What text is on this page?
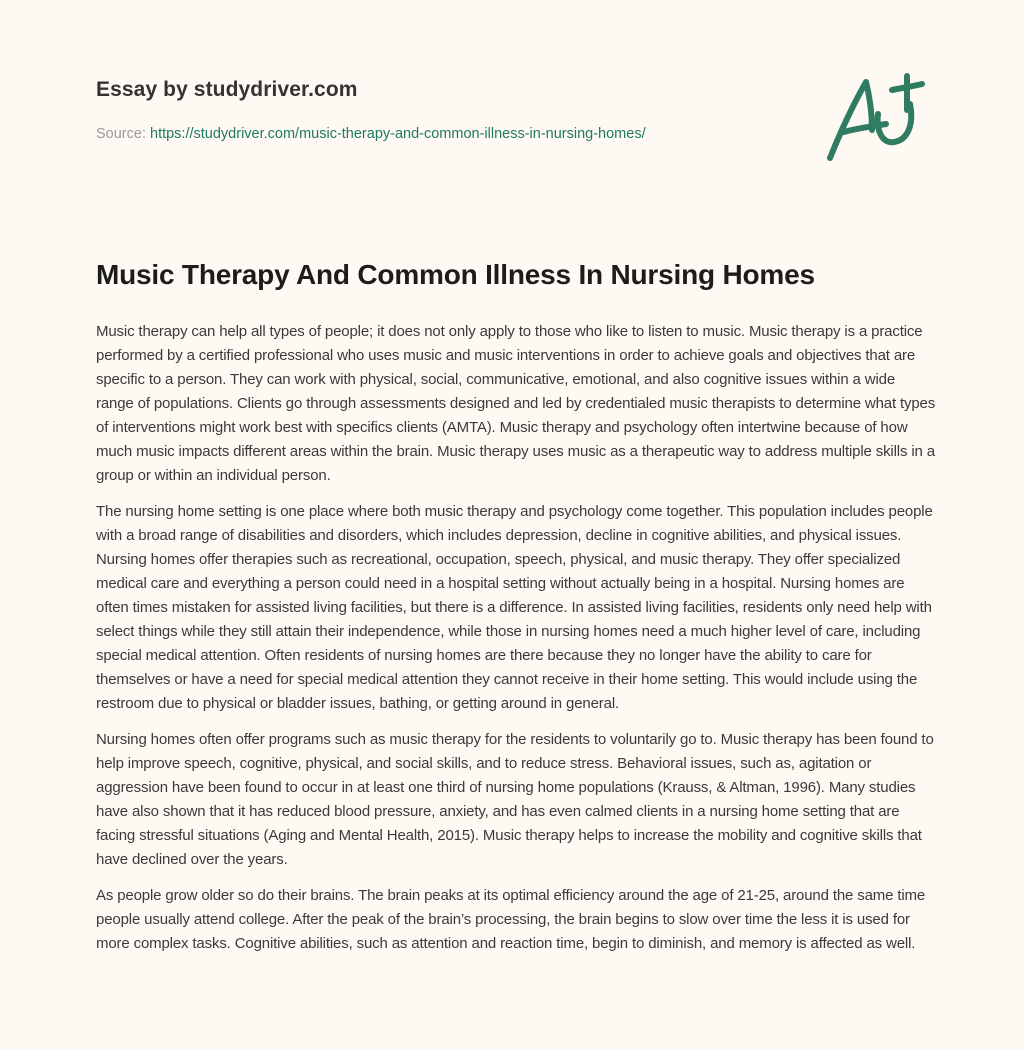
Essay by studydriver.com
Source: https://studydriver.com/music-therapy-and-common-illness-in-nursing-homes/
Music Therapy And Common Illness In Nursing Homes

Music therapy can help all types of people; it does not only apply to those who like to listen to music. Music therapy is a practice performed by a certified professional who uses music and music interventions in order to achieve goals and objectives that are specific to a person. They can work with physical, social, communicative, emotional, and also cognitive issues within a wide range of populations. Clients go through assessments designed and led by credentialed music therapists to determine what types of interventions might work best with specifics clients (AMTA). Music therapy and psychology often intertwine because of how much music impacts different areas within the brain. Music therapy uses music as a therapeutic way to address multiple skills in a group or within an individual person.

The nursing home setting is one place where both music therapy and psychology come together. This population includes people with a broad range of disabilities and disorders, which includes depression, decline in cognitive abilities, and physical issues. Nursing homes offer therapies such as recreational, occupation, speech, physical, and music therapy. They offer specialized medical care and everything a person could need in a hospital setting without actually being in a hospital. Nursing homes are often times mistaken for assisted living facilities, but there is a difference. In assisted living facilities, residents only need help with select things while they still attain their independence, while those in nursing homes need a much higher level of care, including special medical attention. Often residents of nursing homes are there because they no longer have the ability to care for themselves or have a need for special medical attention they cannot receive in their home setting. This would include using the restroom due to physical or bladder issues, bathing, or getting around in general.

Nursing homes often offer programs such as music therapy for the residents to voluntarily go to. Music therapy has been found to help improve speech, cognitive, physical, and social skills, and to reduce stress. Behavioral issues, such as, agitation or aggression have been found to occur in at least one third of nursing home populations (Krauss, & Altman, 1996). Many studies have also shown that it has reduced blood pressure, anxiety, and has even calmed clients in a nursing home setting that are facing stressful situations (Aging and Mental Health, 2015). Music therapy helps to increase the mobility and cognitive skills that have declined over the years.

As people grow older so do their brains. The brain peaks at its optimal efficiency around the age of 21-25, around the same time people usually attend college. After the peak of the brain’s processing, the brain begins to slow over time the less it is used for more complex tasks. Cognitive abilities, such as attention and reaction time, begin to diminish, and memory is affected as well.
